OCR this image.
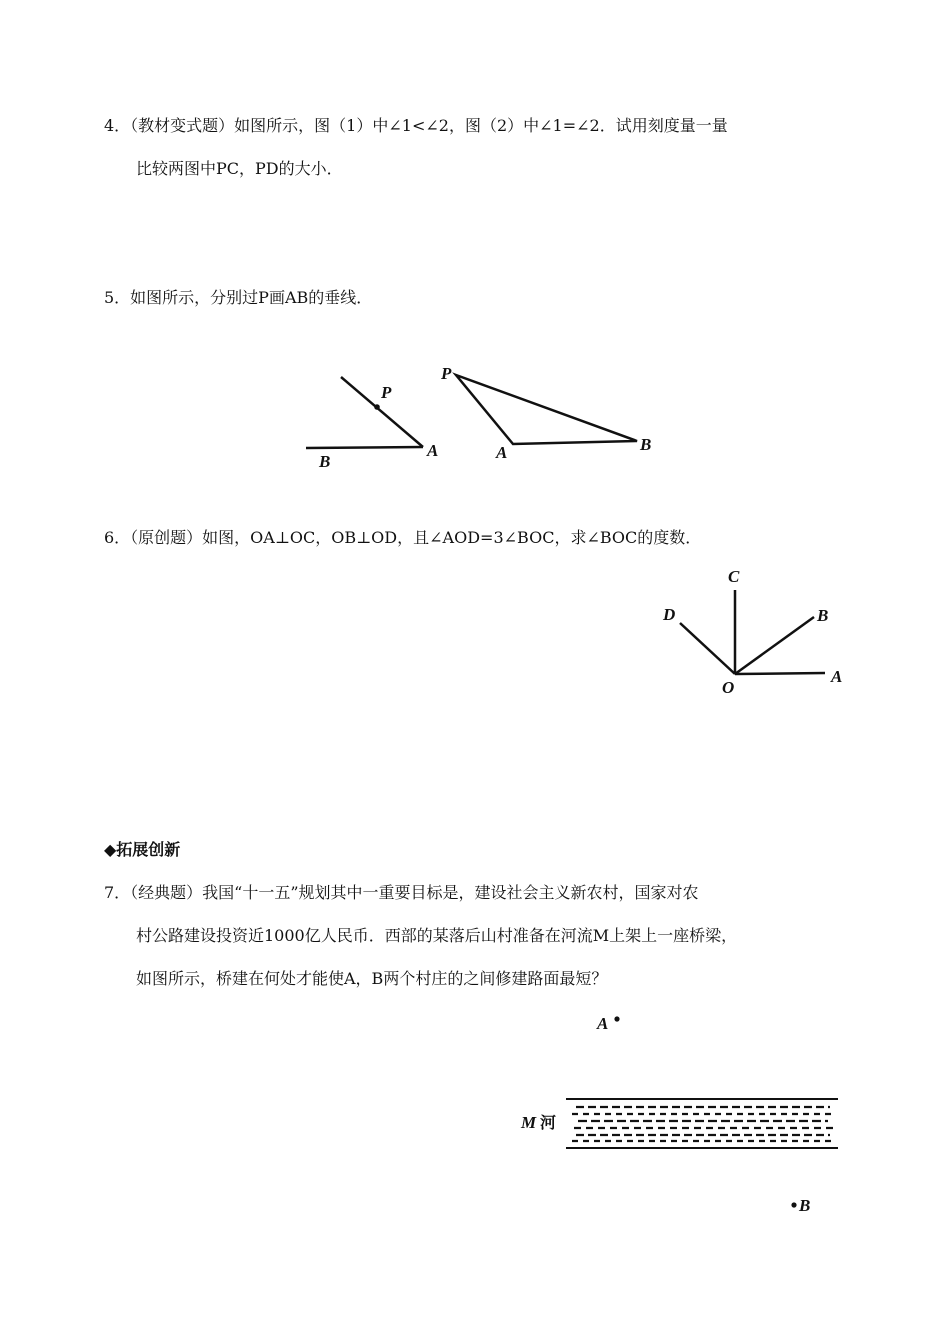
4．（教材变式题）如图所示，图（1）中∠1<∠2，图（2）中∠1=∠2．试用刻度量一量
比较两图中PC，PD的大小．
5．如图所示，分别过P画AB的垂线．
P
A
B
P
A	B
6．（原创题）如图，OA⊥OC，OB⊥OD，且∠AOD=3∠BOC，求∠BOC的度数．
O
A
B
C
D
◆拓展创新
7．（经典题）我国“十一五”规划其中一重要目标是，建设社会主义新农村，国家对农
村公路建设投资近1000亿人民币．西部的某落后山村准备在河流M上架上一座桥梁，
如图所示，桥建在何处才能使A，B两个村庄的之间修建路面最短？
A
M 河
B
